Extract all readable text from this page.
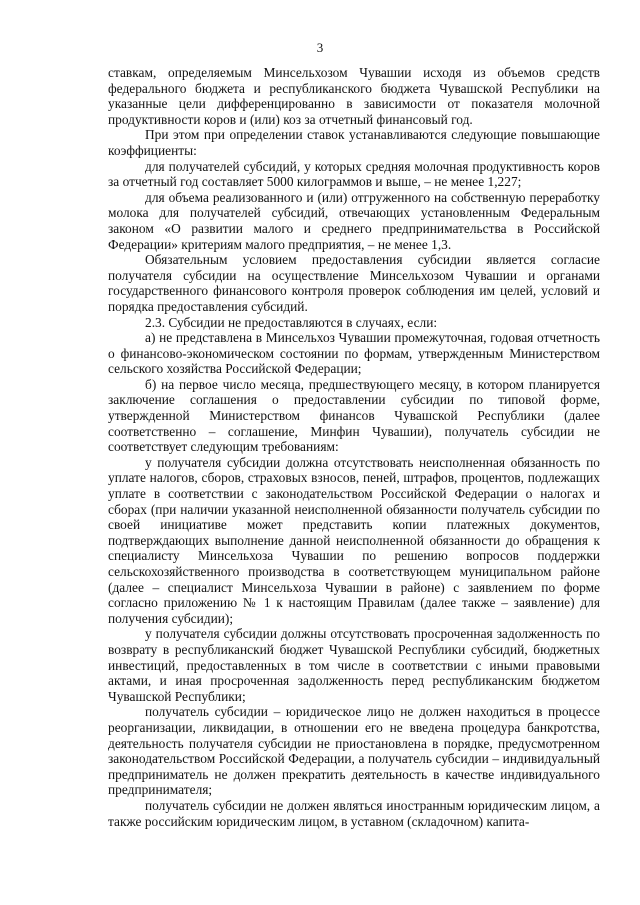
3

ставкам, определяемым Минсельхозом Чувашии исходя из объемов средств федерального бюджета и республиканского бюджета Чувашской Республики на указанные цели дифференцированно в зависимости от показателя молочной продуктивности коров и (или) коз за отчетный финансовый год.

При этом при определении ставок устанавливаются следующие повышающие коэффициенты:

для получателей субсидий, у которых средняя молочная продуктивность коров за отчетный год составляет 5000 килограммов и выше, – не менее 1,227;

для объема реализованного и (или) отгруженного на собственную переработку молока для получателей субсидий, отвечающих установленным Федеральным законом «О развитии малого и среднего предпринимательства в Российской Федерации» критериям малого предприятия, – не менее 1,3.

Обязательным условием предоставления субсидии является согласие получателя субсидии на осуществление Минсельхозом Чувашии и органами государственного финансового контроля проверок соблюдения им целей, условий и порядка предоставления субсидий.

2.3. Субсидии не предоставляются в случаях, если:

а) не представлена в Минсельхоз Чувашии промежуточная, годовая отчетность о финансово-экономическом состоянии по формам, утвержденным Министерством сельского хозяйства Российской Федерации;

б) на первое число месяца, предшествующего месяцу, в котором планируется заключение соглашения о предоставлении субсидии по типовой форме, утвержденной Министерством финансов Чувашской Республики (далее соответственно – соглашение, Минфин Чувашии), получатель субсидии не соответствует следующим требованиям:

у получателя субсидии должна отсутствовать неисполненная обязанность по уплате налогов, сборов, страховых взносов, пеней, штрафов, процентов, подлежащих уплате в соответствии с законодательством Российской Федерации о налогах и сборах (при наличии указанной неисполненной обязанности получатель субсидии по своей инициативе может представить копии платежных документов, подтверждающих выполнение данной неисполненной обязанности до обращения к специалисту Минсельхоза Чувашии по решению вопросов поддержки сельскохозяйственного производства в соответствующем муниципальном районе (далее – специалист Минсельхоза Чувашии в районе) с заявлением по форме согласно приложению № 1 к настоящим Правилам (далее также – заявление) для получения субсидии);

у получателя субсидии должны отсутствовать просроченная задолженность по возврату в республиканский бюджет Чувашской Республики субсидий, бюджетных инвестиций, предоставленных в том числе в соответствии с иными правовыми актами, и иная просроченная задолженность перед республиканским бюджетом Чувашской Республики;

получатель субсидии – юридическое лицо не должен находиться в процессе реорганизации, ликвидации, в отношении его не введена процедура банкротства, деятельность получателя субсидии не приостановлена в порядке, предусмотренном законодательством Российской Федерации, а получатель субсидии – индивидуальный предприниматель не должен прекратить деятельность в качестве индивидуального предпринимателя;

получатель субсидии не должен являться иностранным юридическим лицом, а также российским юридическим лицом, в уставном (складочном) капита-
